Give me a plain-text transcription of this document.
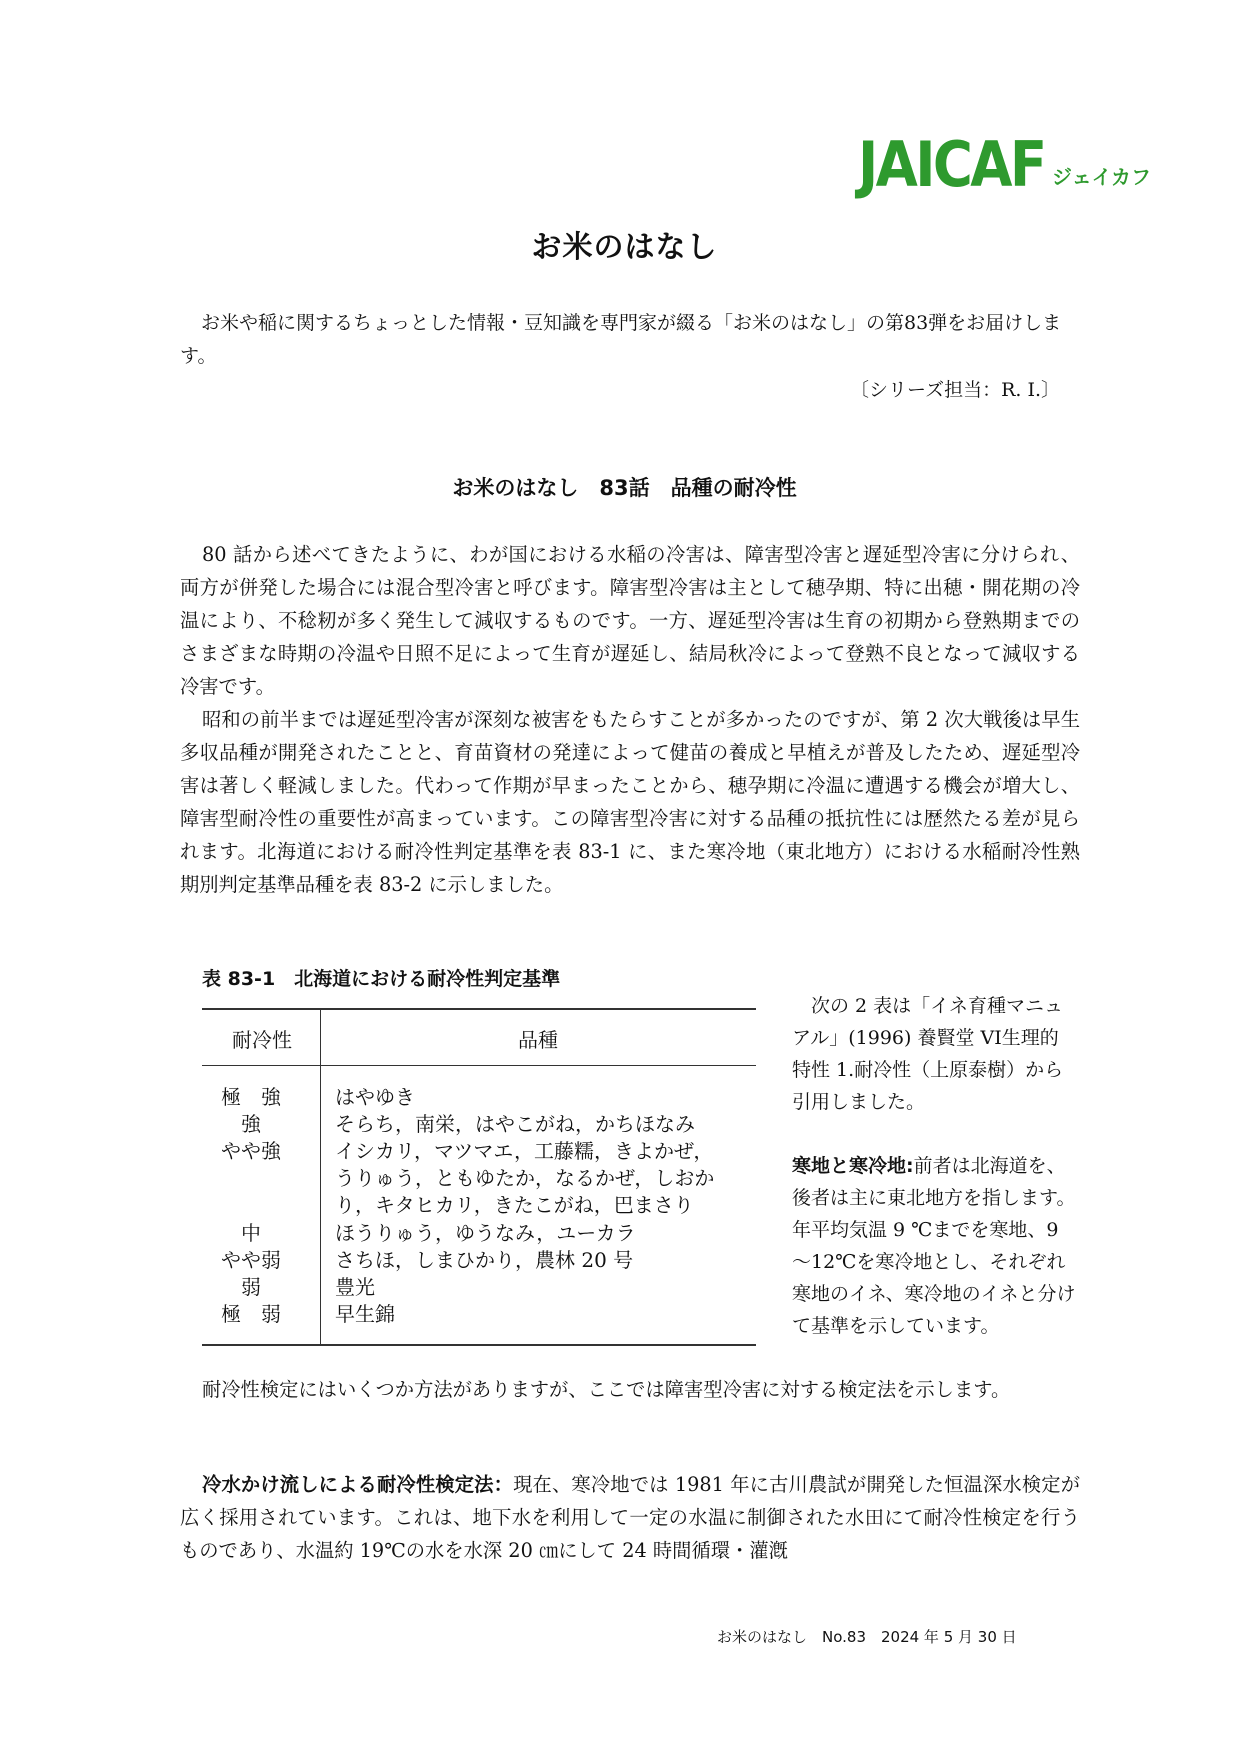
JAICAF ジェイカフ
お米のはなし

お米や稲に関するちょっとした情報・豆知識を専門家が綴る「お米のはなし」の第83弾をお届けします。

〔シリーズ担当：R. I.〕
お米のはなし　83話　品種の耐冷性

80 話から述べてきたように、わが国における水稲の冷害は、障害型冷害と遅延型冷害に分けられ、両方が併発した場合には混合型冷害と呼びます。障害型冷害は主として穂孕期、特に出穂・開花期の冷温により、不稔籾が多く発生して減収するものです。一方、遅延型冷害は生育の初期から登熟期までのさまざまな時期の冷温や日照不足によって生育が遅延し、結局秋冷によって登熟不良となって減収する冷害です。

昭和の前半までは遅延型冷害が深刻な被害をもたらすことが多かったのですが、第 2 次大戦後は早生多収品種が開発されたことと、育苗資材の発達によって健苗の養成と早植えが普及したため、遅延型冷害は著しく軽減しました。代わって作期が早まったことから、穂孕期に冷温に遭遇する機会が増大し、障害型耐冷性の重要性が高まっています。この障害型冷害に対する品種の抵抗性には歴然たる差が見られます。北海道における耐冷性判定基準を表 83-1 に、また寒冷地（東北地方）における水稲耐冷性熟期別判定基準品種を表 83-2 に示しました。

表 83-1　北海道における耐冷性判定基準
耐冷性	品種
極　強	はやゆき
強	そらち，南栄，はやこがね，かちほなみ
やや強	イシカリ，マツマエ，工藤糯，きよかぜ，
うりゅう，ともゆたか，なるかぜ，しおか
り，キタヒカリ，きたこがね，巴まさり
中	ほうりゅう，ゆうなみ，ユーカラ
やや弱	さちほ，しまひかり，農林 20 号
弱	豊光
極　弱	早生錦

次の 2 表は「イネ育種マニュアル」(1996) 養賢堂 VI生理的特性 1.耐冷性（上原泰樹）から引用しました。

寒地と寒冷地:前者は北海道を、後者は主に東北地方を指します。年平均気温 9 ℃までを寒地、9 ～12℃を寒冷地とし、それぞれ寒地のイネ、寒冷地のイネと分けて基準を示しています。

耐冷性検定にはいくつか方法がありますが、ここでは障害型冷害に対する検定法を示します。

冷水かけ流しによる耐冷性検定法：現在、寒冷地では 1981 年に古川農試が開発した恒温深水検定が広く採用されています。これは、地下水を利用して一定の水温に制御された水田にて耐冷性検定を行うものであり、水温約 19℃の水を水深 20 ㎝にして 24 時間循環・灌漑

お米のはなし　No.83　2024 年 5 月 30 日
